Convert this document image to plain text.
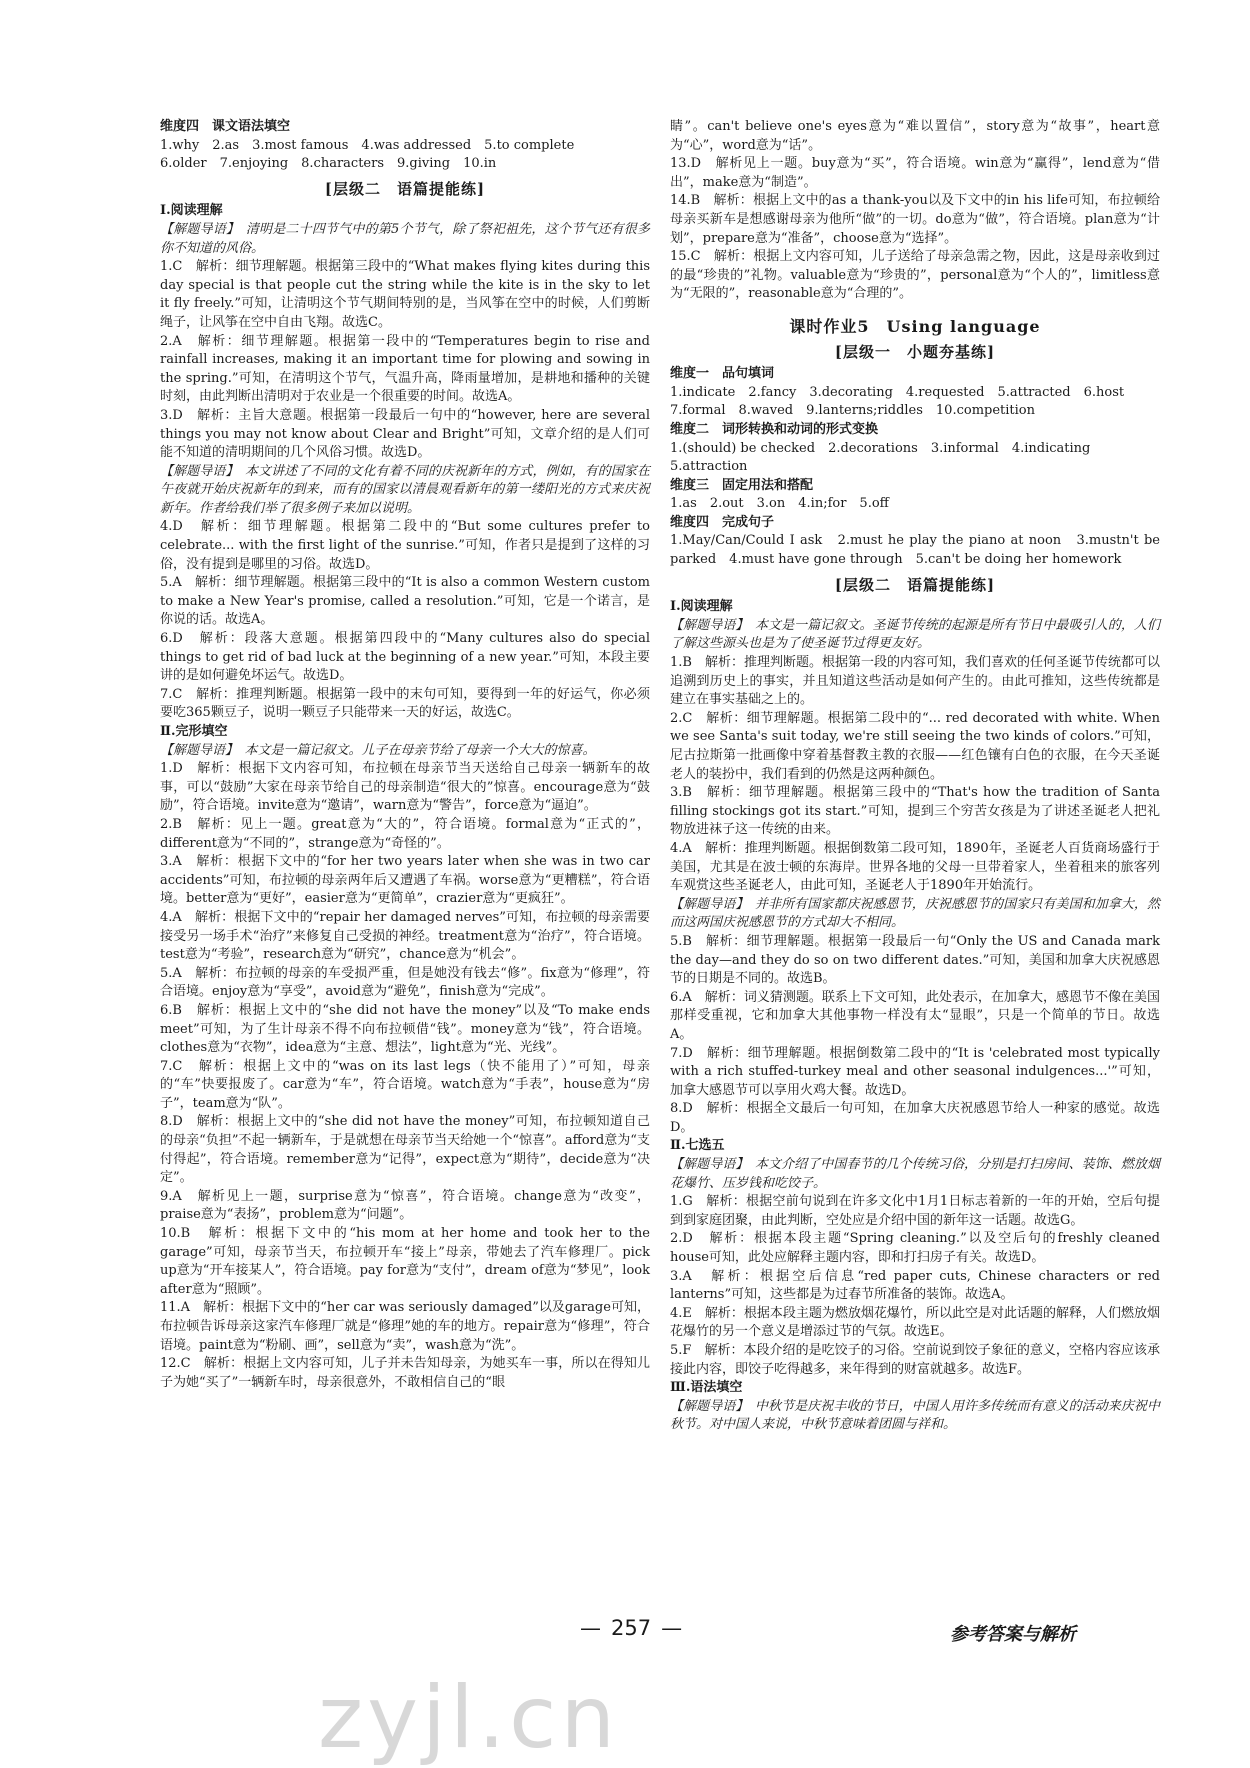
维度四　课文语法填空

1.why　2.as　3.most famous　4.was addressed　5.to complete

6.older　7.enjoying　8.characters　9.giving　10.in

[层级二　语篇提能练]

Ⅰ.阅读理解

【解题导语】　清明是二十四节气中的第5个节气，除了祭祀祖先，这个节气还有很多你不知道的风俗。

1.C　解析：细节理解题。根据第三段中的“What makes flying kites during this day special is that people cut the string while the kite is in the sky to let it fly freely.”可知，让清明这个节气期间特别的是，当风筝在空中的时候，人们剪断绳子，让风筝在空中自由飞翔。故选C。

2.A　解析：细节理解题。根据第一段中的“Temperatures begin to rise and rainfall increases, making it an important time for plowing and sowing in the spring.”可知，在清明这个节气，气温升高，降雨量增加，是耕地和播种的关键时刻，由此判断出清明对于农业是一个很重要的时间。故选A。

3.D　解析：主旨大意题。根据第一段最后一句中的“however, here are several things you may not know about Clear and Bright”可知，文章介绍的是人们可能不知道的清明期间的几个风俗习惯。故选D。

【解题导语】　本文讲述了不同的文化有着不同的庆祝新年的方式，例如，有的国家在午夜就开始庆祝新年的到来，而有的国家以清晨观看新年的第一缕阳光的方式来庆祝新年。作者给我们举了很多例子来加以说明。

4.D　解析：细节理解题。根据第二段中的“But some cultures prefer to celebrate... with the first light of the sunrise.”可知，作者只是提到了这样的习俗，没有提到是哪里的习俗。故选D。

5.A　解析：细节理解题。根据第三段中的“It is also a common Western custom to make a New Year's promise, called a resolution.”可知，它是一个诺言，是你说的话。故选A。

6.D　解析：段落大意题。根据第四段中的“Many cultures also do special things to get rid of bad luck at the beginning of a new year.”可知，本段主要讲的是如何避免坏运气。故选D。

7.C　解析：推理判断题。根据第一段中的末句可知，要得到一年的好运气，你必须要吃365颗豆子，说明一颗豆子只能带来一天的好运，故选C。

Ⅱ.完形填空

【解题导语】　本文是一篇记叙文。儿子在母亲节给了母亲一个大大的惊喜。

1.D　解析：根据下文内容可知，布拉顿在母亲节当天送给自己母亲一辆新车的故事，可以“鼓励”大家在母亲节给自己的母亲制造“很大的”惊喜。encourage意为“鼓励”，符合语境。invite意为“邀请”，warn意为“警告”，force意为“逼迫”。

2.B　解析：见上一题。great意为“大的”，符合语境。formal意为“正式的”，different意为“不同的”，strange意为“奇怪的”。

3.A　解析：根据下文中的“for her two years later when she was in two car accidents”可知，布拉顿的母亲两年后又遭遇了车祸。worse意为“更糟糕”，符合语境。better意为“更好”，easier意为“更简单”，crazier意为“更疯狂”。

4.A　解析：根据下文中的“repair her damaged nerves”可知，布拉顿的母亲需要接受另一场手术“治疗”来修复自己受损的神经。treatment意为“治疗”，符合语境。test意为“考验”，research意为“研究”，chance意为“机会”。

5.A　解析：布拉顿的母亲的车受损严重，但是她没有钱去“修”。fix意为“修理”，符合语境。enjoy意为“享受”，avoid意为“避免”，finish意为“完成”。

6.B　解析：根据上文中的“she did not have the money”以及“To make ends meet”可知，为了生计母亲不得不向布拉顿借“钱”。money意为“钱”，符合语境。clothes意为“衣物”，idea意为“主意、想法”，light意为“光、光线”。

7.C　解析：根据上文中的“was on its last legs（快不能用了）”可知，母亲的“车”快要报废了。car意为“车”，符合语境。watch意为“手表”，house意为“房子”，team意为“队”。

8.D　解析：根据上文中的“she did not have the money”可知，布拉顿知道自己的母亲“负担”不起一辆新车，于是就想在母亲节当天给她一个“惊喜”。afford意为“支付得起”，符合语境。remember意为“记得”，expect意为“期待”，decide意为“决定”。

9.A　解析见上一题，surprise意为“惊喜”，符合语境。change意为“改变”，praise意为“表扬”，problem意为“问题”。

10.B　解析：根据下文中的“his mom at her home and took her to the garage”可知，母亲节当天，布拉顿开车“接上”母亲，带她去了汽车修理厂。pick up意为“开车接某人”，符合语境。pay for意为“支付”，dream of意为“梦见”，look after意为“照顾”。

11.A　解析：根据下文中的“her car was seriously damaged”以及garage可知，布拉顿告诉母亲这家汽车修理厂就是“修理”她的车的地方。repair意为“修理”，符合语境。paint意为“粉刷、画”，sell意为“卖”，wash意为“洗”。

12.C　解析：根据上文内容可知，儿子并未告知母亲，为她买车一事，所以在得知儿子为她“买了”一辆新车时，母亲很意外，不敢相信自己的“眼

睛”。can't believe one's eyes意为“难以置信”，story意为“故事”，heart意为“心”，word意为“话”。

13.D　解析见上一题。buy意为“买”，符合语境。win意为“赢得”，lend意为“借出”，make意为“制造”。

14.B　解析：根据上文中的as a thank-you以及下文中的in his life可知，布拉顿给母亲买新车是想感谢母亲为他所“做”的一切。do意为“做”，符合语境。plan意为“计划”，prepare意为“准备”，choose意为“选择”。

15.C　解析：根据上文内容可知，儿子送给了母亲急需之物，因此，这是母亲收到过的最“珍贵的”礼物。valuable意为“珍贵的”，personal意为“个人的”，limitless意为“无限的”，reasonable意为“合理的”。

课时作业5　Using language
[层级一　小题夯基练]

维度一　品句填词

1.indicate　2.fancy　3.decorating　4.requested　5.attracted　6.host

7.formal　8.waved　9.lanterns;riddles　10.competition

维度二　词形转换和动词的形式变换

1.(should) be checked　2.decorations　3.informal　4.indicating

5.attraction

维度三　固定用法和搭配

1.as　2.out　3.on　4.in;for　5.off

维度四　完成句子

1.May/Can/Could I ask　2.must he play the piano at noon　3.mustn't be parked　4.must have gone through　5.can't be doing her homework

[层级二　语篇提能练]

Ⅰ.阅读理解

【解题导语】　本文是一篇记叙文。圣诞节传统的起源是所有节日中最吸引人的，人们了解这些源头也是为了使圣诞节过得更友好。

1.B　解析：推理判断题。根据第一段的内容可知，我们喜欢的任何圣诞节传统都可以追溯到历史上的事实，并且知道这些活动是如何产生的。由此可推知，这些传统都是建立在事实基础之上的。

2.C　解析：细节理解题。根据第二段中的“... red decorated with white. When we see Santa's suit today, we're still seeing the two kinds of colors.”可知，尼古拉斯第一批画像中穿着基督教主教的衣服——红色镶有白色的衣服，在今天圣诞老人的装扮中，我们看到的仍然是这两种颜色。

3.B　解析：细节理解题。根据第三段中的“That's how the tradition of Santa filling stockings got its start.”可知，提到三个穷苦女孩是为了讲述圣诞老人把礼物放进袜子这一传统的由来。

4.A　解析：推理判断题。根据倒数第二段可知，1890年，圣诞老人百货商场盛行于美国，尤其是在波士顿的东海岸。世界各地的父母一旦带着家人，坐着租来的旅客列车观赏这些圣诞老人，由此可知，圣诞老人于1890年开始流行。

【解题导语】　并非所有国家都庆祝感恩节，庆祝感恩节的国家只有美国和加拿大，然而这两国庆祝感恩节的方式却大不相同。

5.B　解析：细节理解题。根据第一段最后一句“Only the US and Canada mark the day—and they do so on two different dates.”可知，美国和加拿大庆祝感恩节的日期是不同的。故选B。

6.A　解析：词义猜测题。联系上下文可知，此处表示，在加拿大，感恩节不像在美国那样受重视，它和加拿大其他事物一样没有太“显眼”，只是一个简单的节日。故选A。

7.D　解析：细节理解题。根据倒数第二段中的“It is 'celebrated most typically with a rich stuffed-turkey meal and other seasonal indulgences...'”可知，加拿大感恩节可以享用火鸡大餐。故选D。

8.D　解析：根据全文最后一句可知，在加拿大庆祝感恩节给人一种家的感觉。故选D。

Ⅱ.七选五

【解题导语】　本文介绍了中国春节的几个传统习俗，分别是打扫房间、装饰、燃放烟花爆竹、压岁钱和吃饺子。

1.G　解析：根据空前句说到在许多文化中1月1日标志着新的一年的开始，空后句提到到家庭团聚，由此判断，空处应是介绍中国的新年这一话题。故选G。

2.D　解析：根据本段主题“Spring cleaning.”以及空后句的freshly cleaned house可知，此处应解释主题内容，即和打扫房子有关。故选D。

3.A　解析：根据空后信息“red paper cuts, Chinese characters or red lanterns”可知，这些都是为过春节所准备的装饰。故选A。

4.E　解析：根据本段主题为燃放烟花爆竹，所以此空是对此话题的解释，人们燃放烟花爆竹的另一个意义是增添过节的气氛。故选E。

5.F　解析：本段介绍的是吃饺子的习俗。空前说到饺子象征的意义，空格内容应该承接此内容，即饺子吃得越多，来年得到的财富就越多。故选F。

Ⅲ.语法填空

【解题导语】　中秋节是庆祝丰收的节日，中国人用许多传统而有意义的活动来庆祝中秋节。对中国人来说，中秋节意味着团圆与祥和。

— 257 —	参考答案与解析
zyjl.cn
